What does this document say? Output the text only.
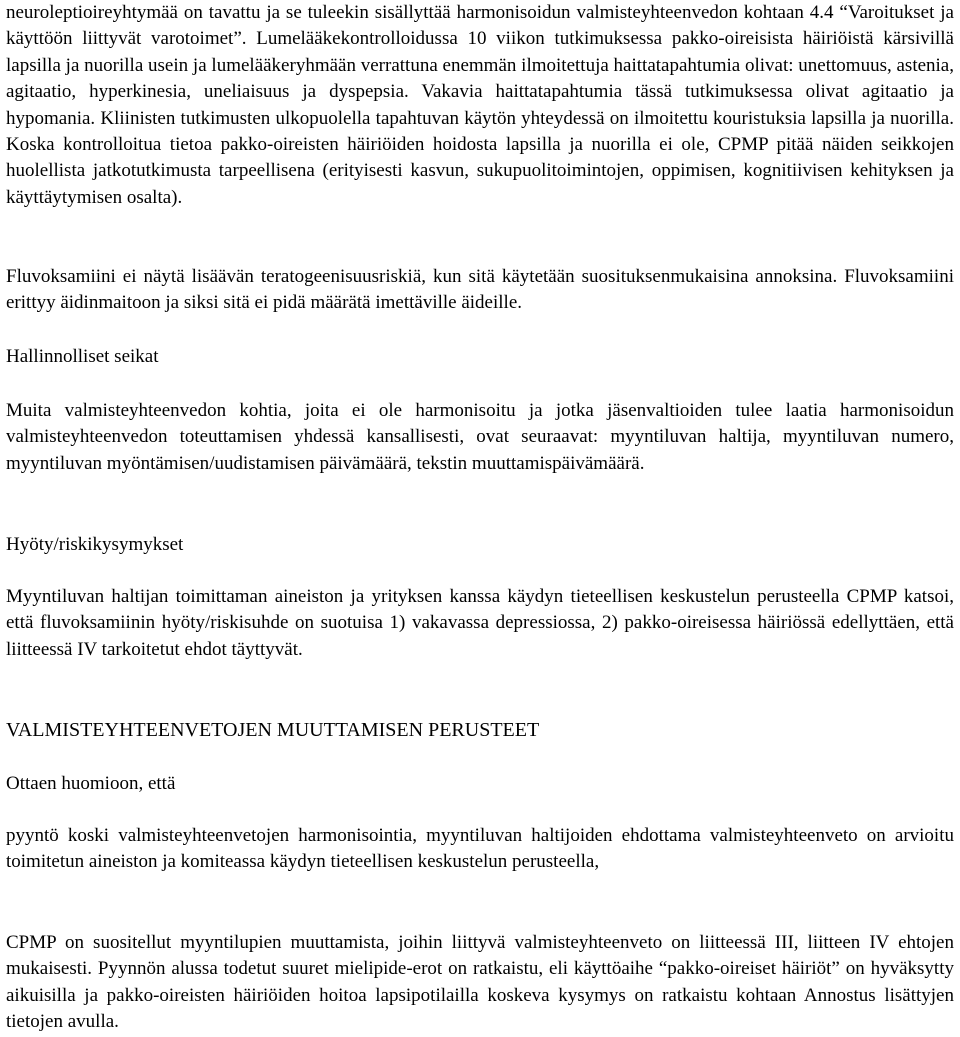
neuroleptioireyhtymää on tavattu ja se tuleekin sisällyttää harmonisoidun valmisteyhteenvedon kohtaan 4.4 “Varoitukset ja käyttöön liittyvät varotoimet”. Lumelääkekontrolloidussa 10 viikon tutkimuksessa pakko-oireisista häiriöistä kärsivillä lapsilla ja nuorilla usein ja lumelääkeryhmään verrattuna enemmän ilmoitettuja haittatapahtumia olivat: unettomuus, astenia, agitaatio, hyperkinesia, uneliaisuus ja dyspepsia. Vakavia haittatapahtumia tässä tutkimuksessa olivat agitaatio ja hypomania. Kliinisten tutkimusten ulkopuolella tapahtuvan käytön yhteydessä on ilmoitettu kouristuksia lapsilla ja nuorilla. Koska kontrolloitua tietoa pakko-oireisten häiriöiden hoidosta lapsilla ja nuorilla ei ole, CPMP pitää näiden seikkojen huolellista jatkotutkimusta tarpeellisena (erityisesti kasvun, sukupuolitoimintojen, oppimisen, kognitiivisen kehityksen ja käyttäytymisen osalta).

Fluvoksamiini ei näytä lisäävän teratogeenisuusriskiä, kun sitä käytetään suosituksenmukaisina annoksina. Fluvoksamiini erittyy äidinmaitoon ja siksi sitä ei pidä määrätä imettäville äideille.

Hallinnolliset seikat

Muita valmisteyhteenvedon kohtia, joita ei ole harmonisoitu ja jotka jäsenvaltioiden tulee laatia harmonisoidun valmisteyhteenvedon toteuttamisen yhdessä kansallisesti, ovat seuraavat: myyntiluvan haltija, myyntiluvan numero, myyntiluvan myöntämisen/uudistamisen päivämäärä, tekstin muuttamispäivämäärä.

Hyöty/riskikysymykset

Myyntiluvan haltijan toimittaman aineiston ja yrityksen kanssa käydyn tieteellisen keskustelun perusteella CPMP katsoi, että fluvoksamiinin hyöty/riskisuhde on suotuisa 1) vakavassa depressiossa, 2) pakko-oireisessa häiriössä edellyttäen, että liitteessä IV tarkoitetut ehdot täyttyvät.

VALMISTEYHTEENVETOJEN MUUTTAMISEN PERUSTEET
Ottaen huomioon, että

pyyntö koski valmisteyhteenvetojen harmonisointia, myyntiluvan haltijoiden ehdottama valmisteyhteenveto on arvioitu toimitetun aineiston ja komiteassa käydyn tieteellisen keskustelun perusteella,

CPMP on suositellut myyntilupien muuttamista, joihin liittyvä valmisteyhteenveto on liitteessä III, liitteen IV ehtojen mukaisesti. Pyynnön alussa todetut suuret mielipide-erot on ratkaistu, eli käyttöaihe “pakko-oireiset häiriöt” on hyväksytty aikuisilla ja pakko-oireisten häiriöiden hoitoa lapsipotilailla koskeva kysymys on ratkaistu kohtaan Annostus lisättyjen tietojen avulla.
